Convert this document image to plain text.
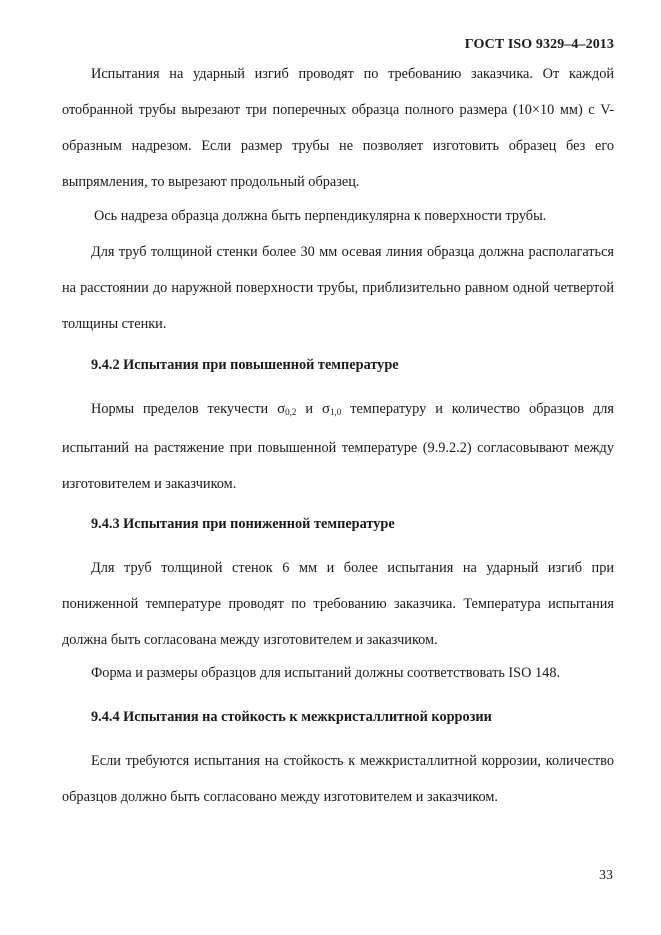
ГОСТ ISO 9329–4–2013

Испытания на ударный изгиб проводят по требованию заказчика. От каждой отобранной трубы вырезают три поперечных образца полного размера (10×10 мм) с V-образным надрезом. Если размер трубы не позволяет изготовить образец без его выпрямления, то вырезают продольный образец.

Ось надреза образца должна быть перпендикулярна к поверхности трубы.

Для труб толщиной стенки более 30 мм осевая линия образца должна располагаться на расстоянии до наружной поверхности трубы, приблизительно равном одной четвертой толщины стенки.

9.4.2 Испытания при повышенной температуре

Нормы пределов текучести $\sigma_{0,2}$ и $\sigma_{1,0}$ температуру и количество образцов для испытаний на растяжение при повышенной температуре (9.9.2.2) согласовывают между изготовителем и заказчиком.

9.4.3 Испытания при пониженной температуре

Для труб толщиной стенок 6 мм и более испытания на ударный изгиб при пониженной температуре проводят по требованию заказчика. Температура испытания должна быть согласована между изготовителем и заказчиком.

Форма и размеры образцов для испытаний должны соответствовать ISO 148.

9.4.4 Испытания на стойкость к межкристаллитной коррозии

Если требуются испытания на стойкость к межкристаллитной коррозии, количество образцов должно быть согласовано между изготовителем и заказчиком.

33
